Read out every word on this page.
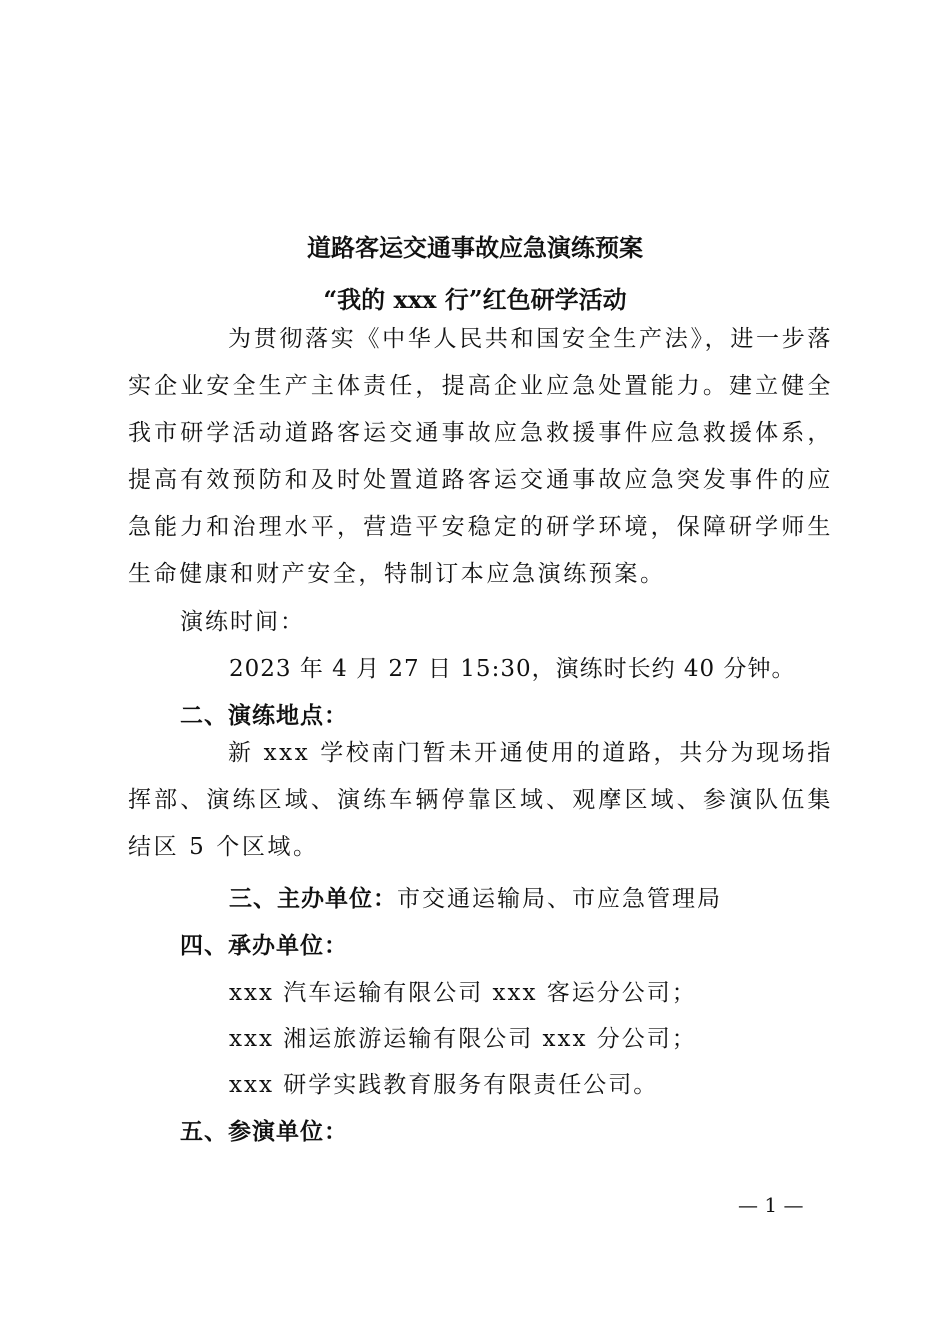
道路客运交通事故应急演练预案
“我的 xxx 行”红色研学活动
为贯彻落实《中华人民共和国安全生产法》，进一步落实企业安全生产主体责任，提高企业应急处置能力。建立健全我市研学活动道路客运交通事故应急救援事件应急救援体系，提高有效预防和及时处置道路客运交通事故应急突发事件的应急能力和治理水平，营造平安稳定的研学环境，保障研学师生生命健康和财产安全，特制订本应急演练预案。
演练时间：
2023 年 4 月 27 日 15:30，演练时长约 40 分钟。
二、演练地点：
新 xxx 学校南门暂未开通使用的道路，共分为现场指挥部、演练区域、演练车辆停靠区域、观摩区域、参演队伍集结区 5 个区域。
三、主办单位：市交通运输局、市应急管理局
四、承办单位：
xxx 汽车运输有限公司 xxx 客运分公司；
xxx 湘运旅游运输有限公司 xxx 分公司；
xxx 研学实践教育服务有限责任公司。
五、参演单位：
— 1 —
